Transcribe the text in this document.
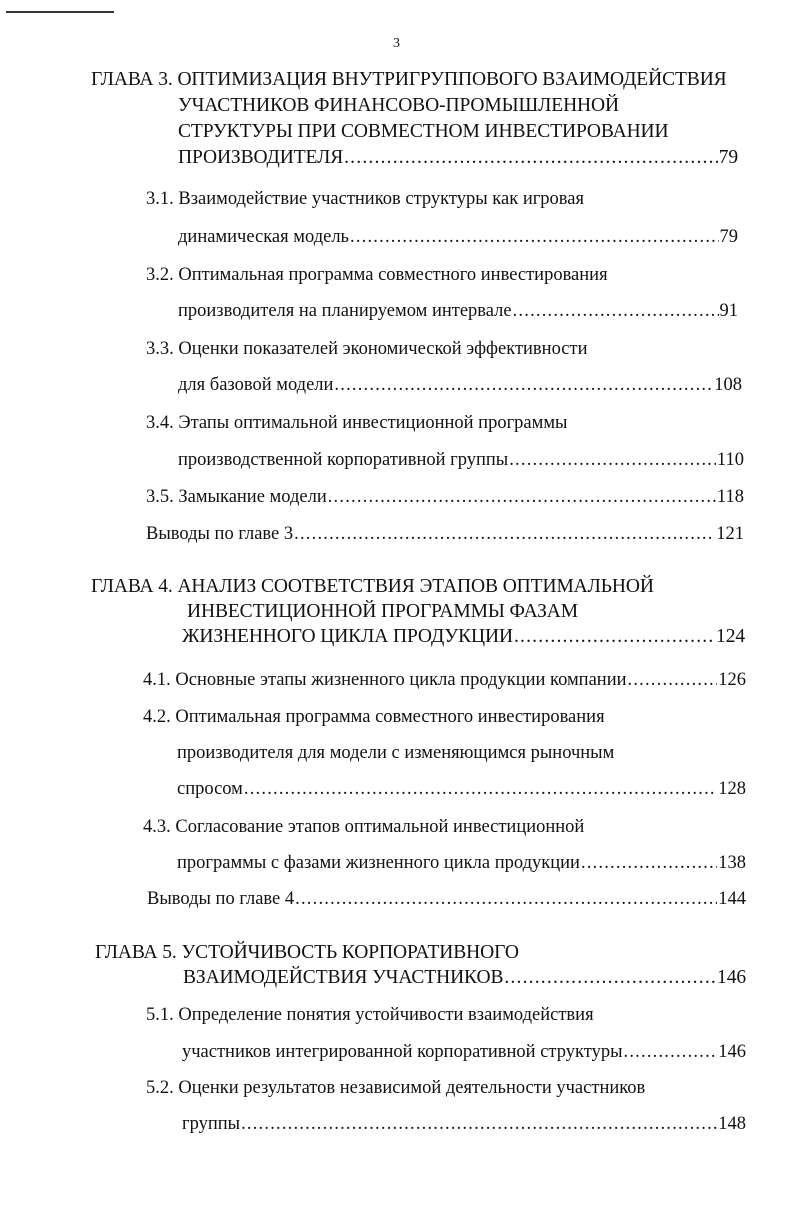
3
ГЛАВА 3. ОПТИМИЗАЦИЯ ВНУТРИГРУППОВОГО ВЗАИМОДЕЙСТВИЯ
УЧАСТНИКОВ ФИНАНСОВО-ПРОМЫШЛЕННОЙ
СТРУКТУРЫ ПРИ СОВМЕСТНОМ ИНВЕСТИРОВАНИИ
ПРОИЗВОДИТЕЛЯ .....	79
3.1. Взаимодействие участников структуры как игровая
динамическая модель .....	79
3.2. Оптимальная программа совместного инвестирования
производителя на планируемом интервале .....	91
3.3. Оценки показателей экономической эффективности
для базовой модели .....	108
3.4. Этапы оптимальной инвестиционной программы
производственной корпоративной группы .....	110
3.5. Замыкание модели .....	118
Выводы по главе 3 .....	121
ГЛАВА 4. АНАЛИЗ СООТВЕТСТВИЯ ЭТАПОВ ОПТИМАЛЬНОЙ
ИНВЕСТИЦИОННОЙ ПРОГРАММЫ ФАЗАМ
ЖИЗНЕННОГО ЦИКЛА ПРОДУКЦИИ .....	124
4.1. Основные этапы жизненного цикла продукции компании .....	126
4.2. Оптимальная программа совместного инвестирования
производителя для модели с изменяющимся рыночным
спросом .....	128
4.3. Согласование этапов оптимальной инвестиционной
программы с фазами жизненного цикла продукции .....	138
Выводы по главе 4 .....	144
ГЛАВА 5. УСТОЙЧИВОСТЬ КОРПОРАТИВНОГО
ВЗАИМОДЕЙСТВИЯ УЧАСТНИКОВ .....	146
5.1. Определение понятия устойчивости взаимодействия
участников интегрированной корпоративной структуры .....	146
5.2. Оценки результатов независимой деятельности участников
группы .....	148
